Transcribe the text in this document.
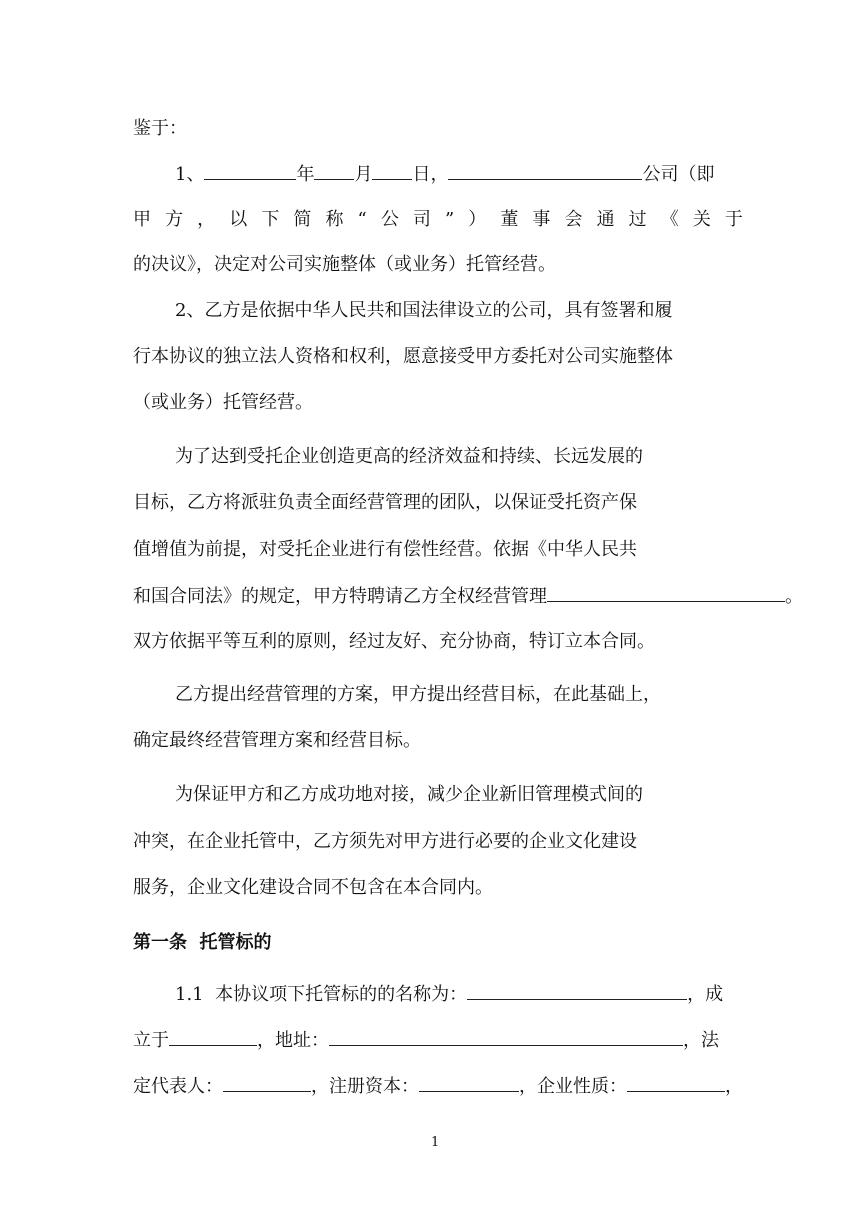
鉴于：
1、	年 月 日，	公司（即
甲 方 ， 以 下 简 称 “ 公 司 ” ） 董 事 会 通 过 《 关 于
的决议》，决定对公司实施整体（或业务）托管经营。
2、乙方是依据中华人民共和国法律设立的公司，具有签署和履
行本协议的独立法人资格和权利，愿意接受甲方委托对公司实施整体
（或业务）托管经营。
为了达到受托企业创造更高的经济效益和持续、长远发展的
目标，乙方将派驻负责全面经营管理的团队，以保证受托资产保
值增值为前提，对受托企业进行有偿性经营。依据《中华人民共
和国合同法》的规定，甲方特聘请乙方全权经营管理	。
双方依据平等互利的原则，经过友好、充分协商，特订立本合同。
乙方提出经营管理的方案，甲方提出经营目标，在此基础上，
确定最终经营管理方案和经营目标。
为保证甲方和乙方成功地对接，减少企业新旧管理模式间的
冲突，在企业托管中，乙方须先对甲方进行必要的企业文化建设
服务，企业文化建设合同不包含在本合同内。
第一条  托管标的
1.1  本协议项下托管标的的名称为：	，成
立于	，地址：	，法
定代表人：	，注册资本：	，企业性质：	，
1
